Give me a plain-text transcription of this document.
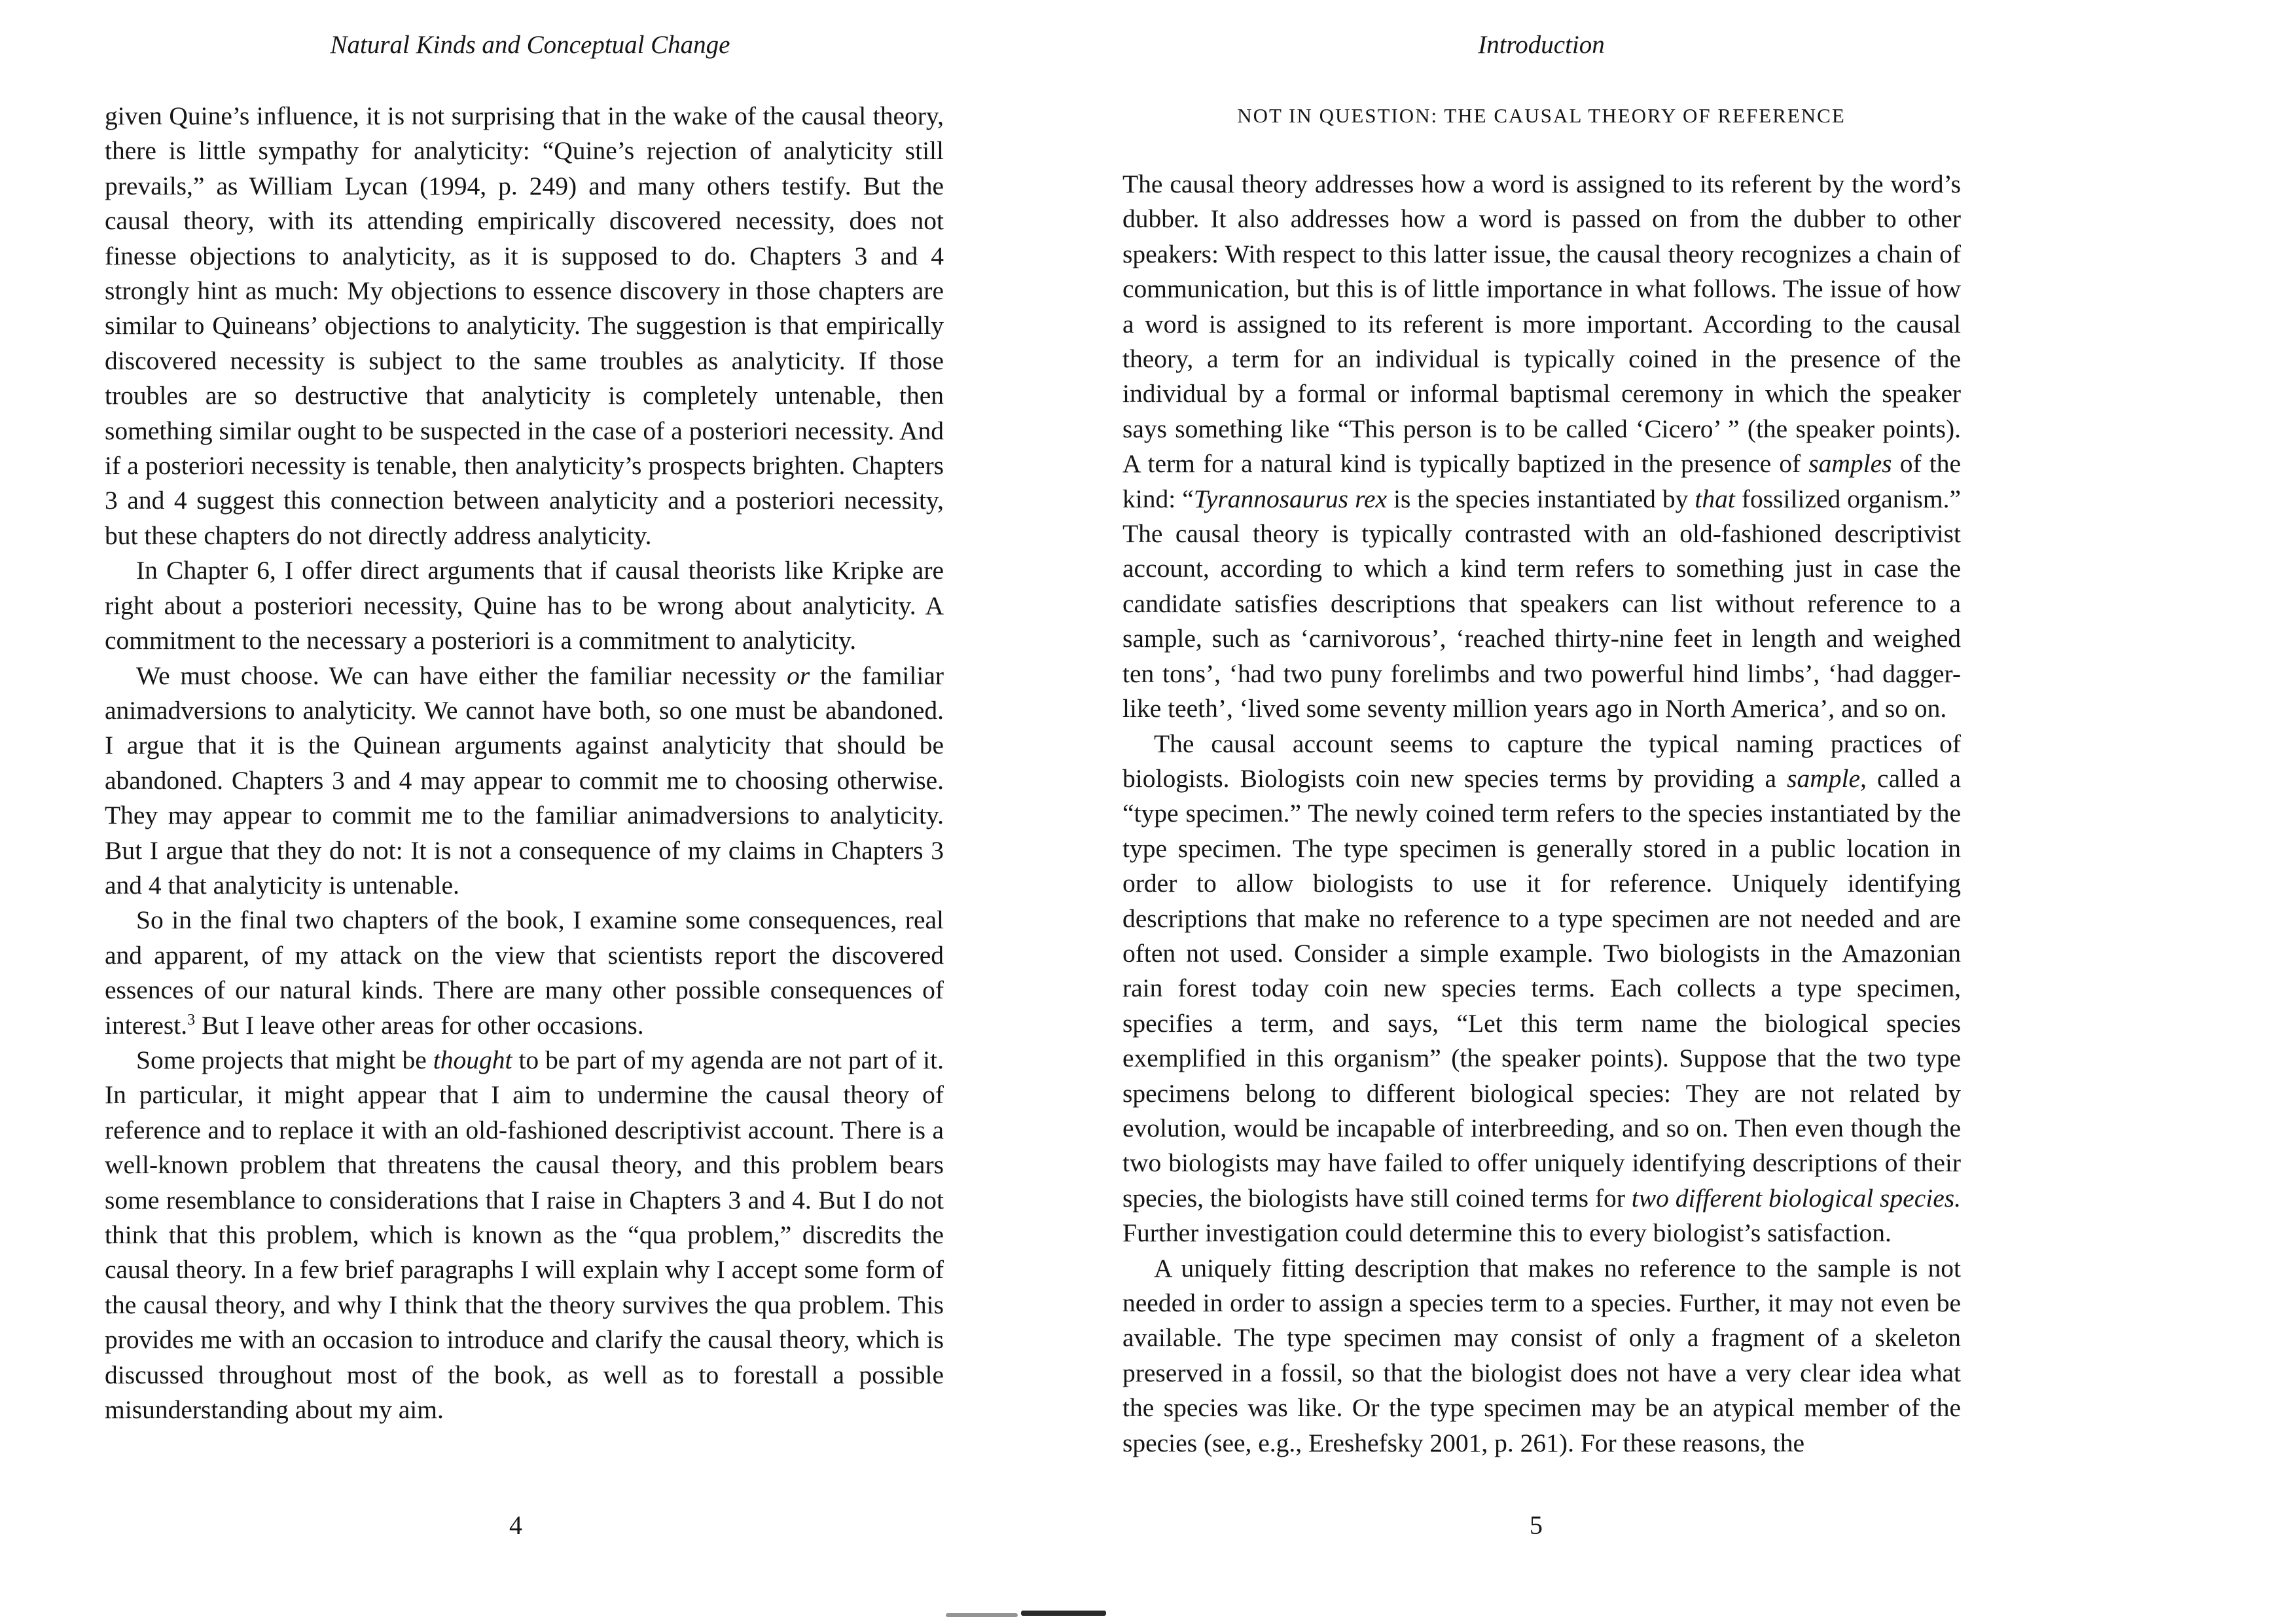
Natural Kinds and Conceptual Change

given Quine’s influence, it is not surprising that in the wake of the causal theory, there is little sympathy for analyticity: “Quine’s rejection of analyticity still prevails,” as William Lycan (1994, p. 249) and many others testify. But the causal theory, with its attending empirically discovered necessity, does not finesse objections to analyticity, as it is supposed to do. Chapters 3 and 4 strongly hint as much: My objections to essence discovery in those chapters are similar to Quineans’ objections to analyticity. The suggestion is that empirically discovered necessity is subject to the same troubles as analyticity. If those troubles are so destructive that analyticity is completely untenable, then something similar ought to be suspected in the case of a posteriori necessity. And if a posteriori necessity is tenable, then analyticity’s prospects brighten. Chapters 3 and 4 suggest this connection between analyticity and a posteriori necessity, but these chapters do not directly address analyticity.

In Chapter 6, I offer direct arguments that if causal theorists like Kripke are right about a posteriori necessity, Quine has to be wrong about analyticity. A commitment to the necessary a posteriori is a commitment to analyticity.

We must choose. We can have either the familiar necessity or the familiar animadversions to analyticity. We cannot have both, so one must be abandoned. I argue that it is the Quinean arguments against analyticity that should be abandoned. Chapters 3 and 4 may appear to commit me to choosing otherwise. They may appear to commit me to the familiar animadversions to analyticity. But I argue that they do not: It is not a consequence of my claims in Chapters 3 and 4 that analyticity is untenable.

So in the final two chapters of the book, I examine some consequences, real and apparent, of my attack on the view that scientists report the discovered essences of our natural kinds. There are many other possible consequences of interest.$^3$ But I leave other areas for other occasions.

Some projects that might be thought to be part of my agenda are not part of it. In particular, it might appear that I aim to undermine the causal theory of reference and to replace it with an old-fashioned descriptivist account. There is a well-known problem that threatens the causal theory, and this problem bears some resemblance to considerations that I raise in Chapters 3 and 4. But I do not think that this problem, which is known as the “qua problem,” discredits the causal theory. In a few brief paragraphs I will explain why I accept some form of the causal theory, and why I think that the theory survives the qua problem. This provides me with an occasion to introduce and clarify the causal theory, which is discussed throughout most of the book, as well as to forestall a possible misunderstanding about my aim.

4
Introduction
NOT IN QUESTION: THE CAUSAL THEORY OF REFERENCE

The causal theory addresses how a word is assigned to its referent by the word’s dubber. It also addresses how a word is passed on from the dubber to other speakers: With respect to this latter issue, the causal theory recognizes a chain of communication, but this is of little importance in what follows. The issue of how a word is assigned to its referent is more important. According to the causal theory, a term for an individual is typically coined in the presence of the individual by a formal or informal baptismal ceremony in which the speaker says something like “This person is to be called ‘Cicero’ ” (the speaker points). A term for a natural kind is typically baptized in the presence of samples of the kind: “Tyrannosaurus rex is the species instantiated by that fossilized organism.” The causal theory is typically contrasted with an old-fashioned descriptivist account, according to which a kind term refers to something just in case the candidate satisfies descriptions that speakers can list without reference to a sample, such as ‘carnivorous’, ‘reached thirty-nine feet in length and weighed ten tons’, ‘had two puny forelimbs and two powerful hind limbs’, ‘had dagger-like teeth’, ‘lived some seventy million years ago in North America’, and so on.

The causal account seems to capture the typical naming practices of biologists. Biologists coin new species terms by providing a sample, called a “type specimen.” The newly coined term refers to the species instantiated by the type specimen. The type specimen is generally stored in a public location in order to allow biologists to use it for reference. Uniquely identifying descriptions that make no reference to a type specimen are not needed and are often not used. Consider a simple example. Two biologists in the Amazonian rain forest today coin new species terms. Each collects a type specimen, specifies a term, and says, “Let this term name the biological species exemplified in this organism” (the speaker points). Suppose that the two type specimens belong to different biological species: They are not related by evolution, would be incapable of interbreeding, and so on. Then even though the two biologists may have failed to offer uniquely identifying descriptions of their species, the biologists have still coined terms for two different biological species. Further investigation could determine this to every biologist’s satisfaction.

A uniquely fitting description that makes no reference to the sample is not needed in order to assign a species term to a species. Further, it may not even be available. The type specimen may consist of only a fragment of a skeleton preserved in a fossil, so that the biologist does not have a very clear idea what the species was like. Or the type specimen may be an atypical member of the species (see, e.g., Ereshefsky 2001, p. 261). For these reasons, the

5
